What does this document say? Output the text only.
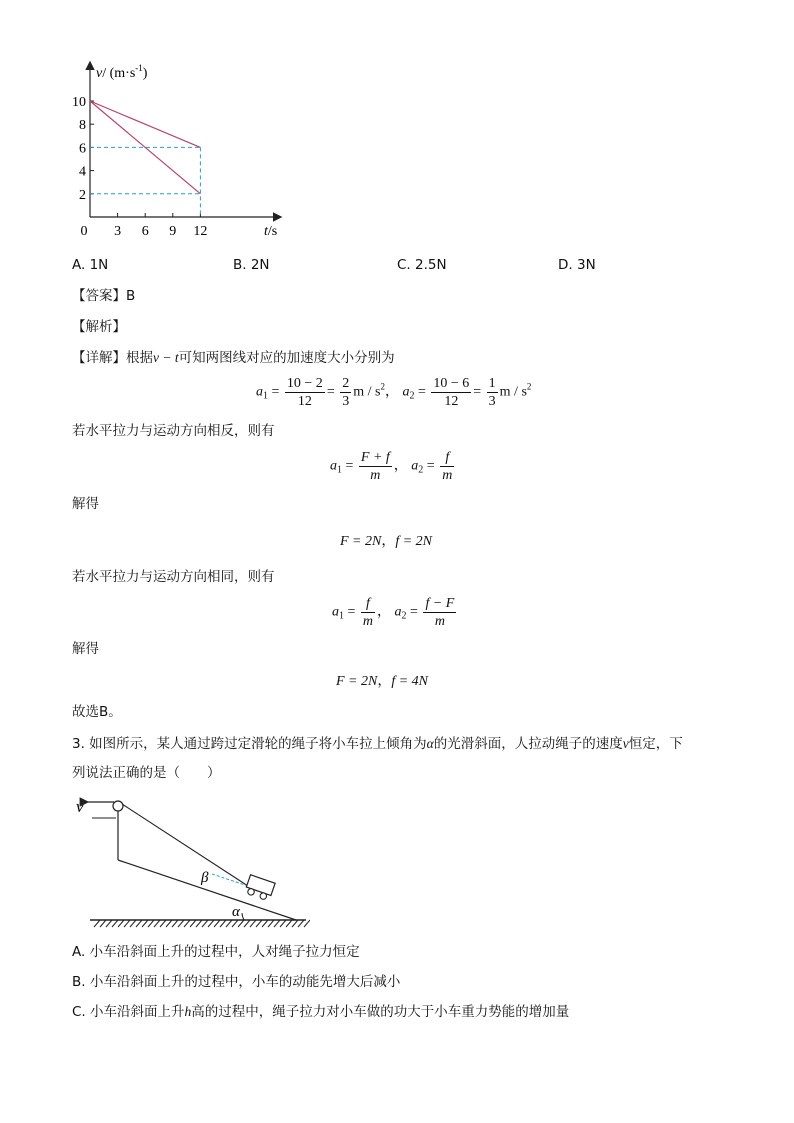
v/ $(m\cdot s^{-1})$
t/s
0 3 6 9 12
2
4
6
8
10
A. 1N	B. 2N	C. 2.5N	D. 3N
【答案】B
【解析】
【详解】根据v − t可知两图线对应的加速度大小分别为
$a_1 = \frac{10 - 2}{12} = \frac{2}{3}$ m / $s^2$， $a_2 = \frac{10 - 6}{12} = \frac{1}{3}$ m / $s^2$
若水平拉力与运动方向相反，则有
$a_1 = \frac{F + f}{m}$ ， $a_2 = \frac{f}{m}$
解得
F = 2N，f = 2N
若水平拉力与运动方向相同，则有
$a_1 = \frac{f}{m}$ ， $a_2 = \frac{f - F}{m}$
解得
F = 2N，f = 4N
故选B。
3. 如图所示，某人通过跨过定滑轮的绳子将小车拉上倾角为α的光滑斜面，人拉动绳子的速度v恒定，下
列说法正确的是（　　）
v
β
α
A. 小车沿斜面上升的过程中，人对绳子拉力恒定
B. 小车沿斜面上升的过程中，小车的动能先增大后减小
C. 小车沿斜面上升h高的过程中，绳子拉力对小车做的功大于小车重力势能的增加量
